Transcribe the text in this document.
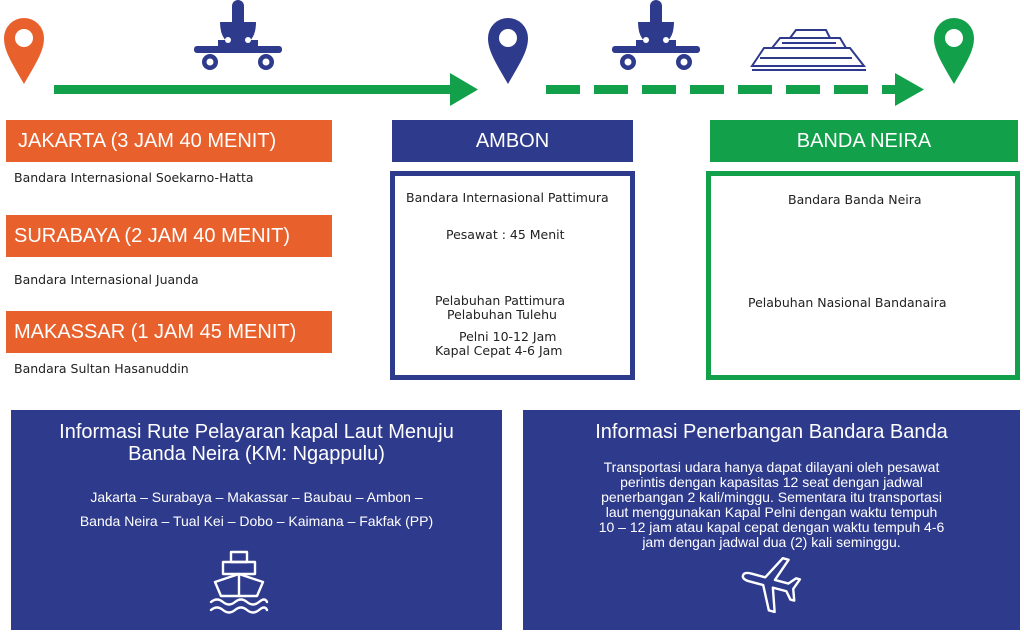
JAKARTA (3 JAM 40 MENIT)
Bandara Internasional Soekarno-Hatta
SURABAYA (2 JAM 40 MENIT)
Bandara Internasional Juanda
MAKASSAR (1 JAM 45 MENIT)
Bandara Sultan Hasanuddin
AMBON
Bandara Internasional Pattimura
Pesawat : 45 Menit
Pelabuhan Pattimura
Pelabuhan Tulehu
Pelni 10-12 Jam
Kapal Cepat 4-6 Jam
BANDA NEIRA
Bandara Banda Neira
Pelabuhan Nasional Bandanaira
Informasi Rute Pelayaran kapal Laut Menuju
Banda Neira (KM: Ngappulu)
Jakarta – Surabaya – Makassar – Baubau – Ambon –
Banda Neira – Tual Kei – Dobo – Kaimana – Fakfak (PP)
Informasi Penerbangan Bandara Banda
Transportasi udara hanya dapat dilayani oleh pesawat
perintis dengan kapasitas 12 seat dengan jadwal
penerbangan 2 kali/minggu. Sementara itu transportasi
laut menggunakan Kapal Pelni dengan waktu tempuh
10 – 12 jam atau kapal cepat dengan waktu tempuh 4-6
jam dengan jadwal dua (2) kali seminggu.
